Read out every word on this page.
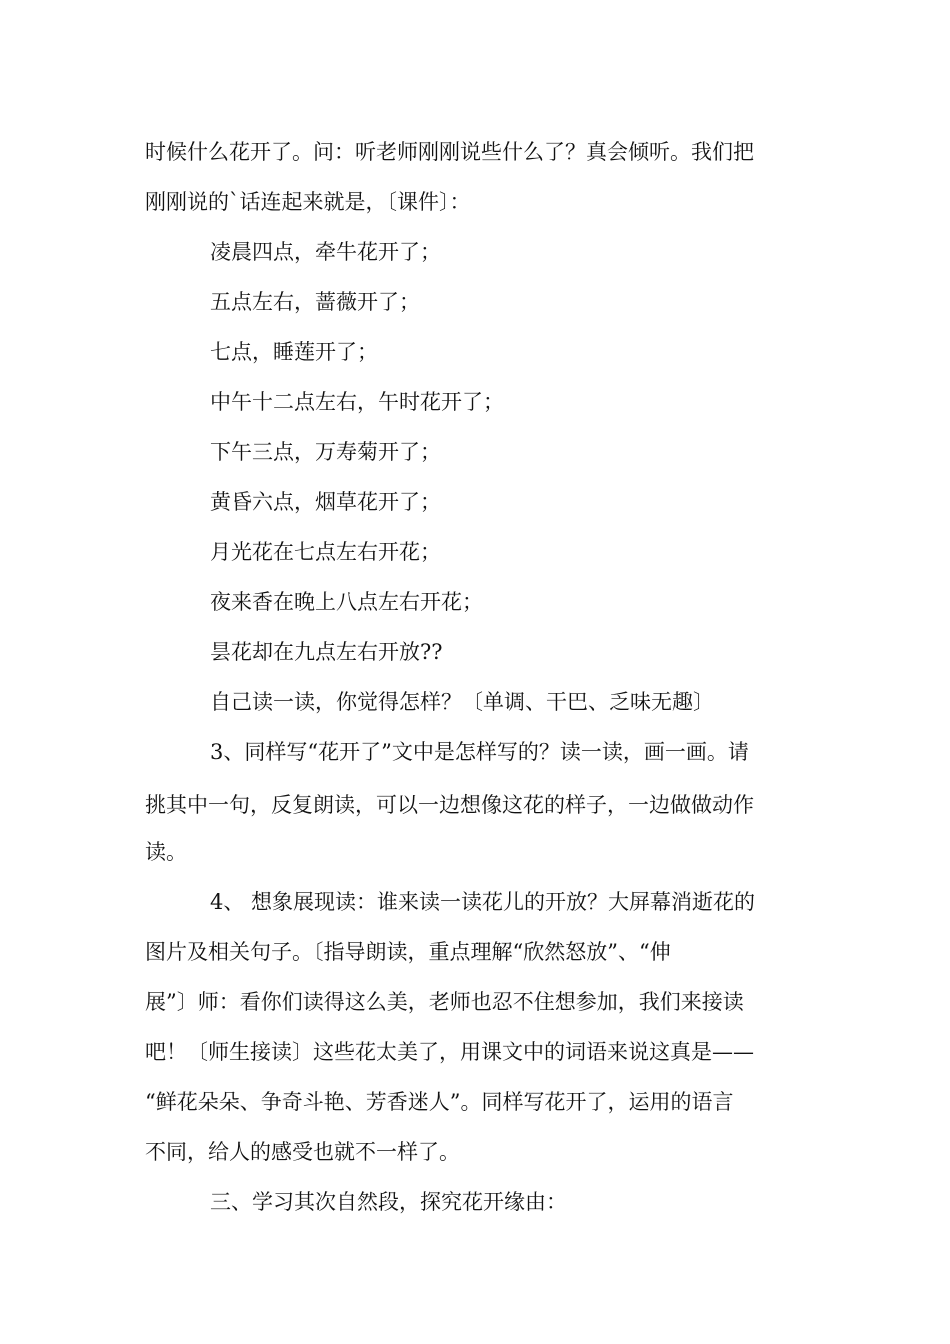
时候什么花开了。问：听老师刚刚说些什么了？真会倾听。我们把
刚刚说的`话连起来就是，〔课件〕：
凌晨四点，牵牛花开了；
五点左右，蔷薇开了；
七点，睡莲开了；
中午十二点左右，午时花开了；
下午三点，万寿菊开了；
黄昏六点，烟草花开了；
月光花在七点左右开花；
夜来香在晚上八点左右开花；
昙花却在九点左右开放??
自己读一读，你觉得怎样？〔单调、干巴、乏味无趣〕
3、同样写“花开了”文中是怎样写的？读一读，画一画。请
挑其中一句，反复朗读，可以一边想像这花的样子，一边做做动作
读。
4、 想象展现读：谁来读一读花儿的开放？大屏幕消逝花的
图片及相关句子。〔指导朗读，重点理解“欣然怒放”、“伸
展”〕师：看你们读得这么美，老师也忍不住想参加，我们来接读
吧！〔师生接读〕这些花太美了，用课文中的词语来说这真是——
“鲜花朵朵、争奇斗艳、芳香迷人”。同样写花开了，运用的语言
不同，给人的感受也就不一样了。
三、学习其次自然段，探究花开缘由：
